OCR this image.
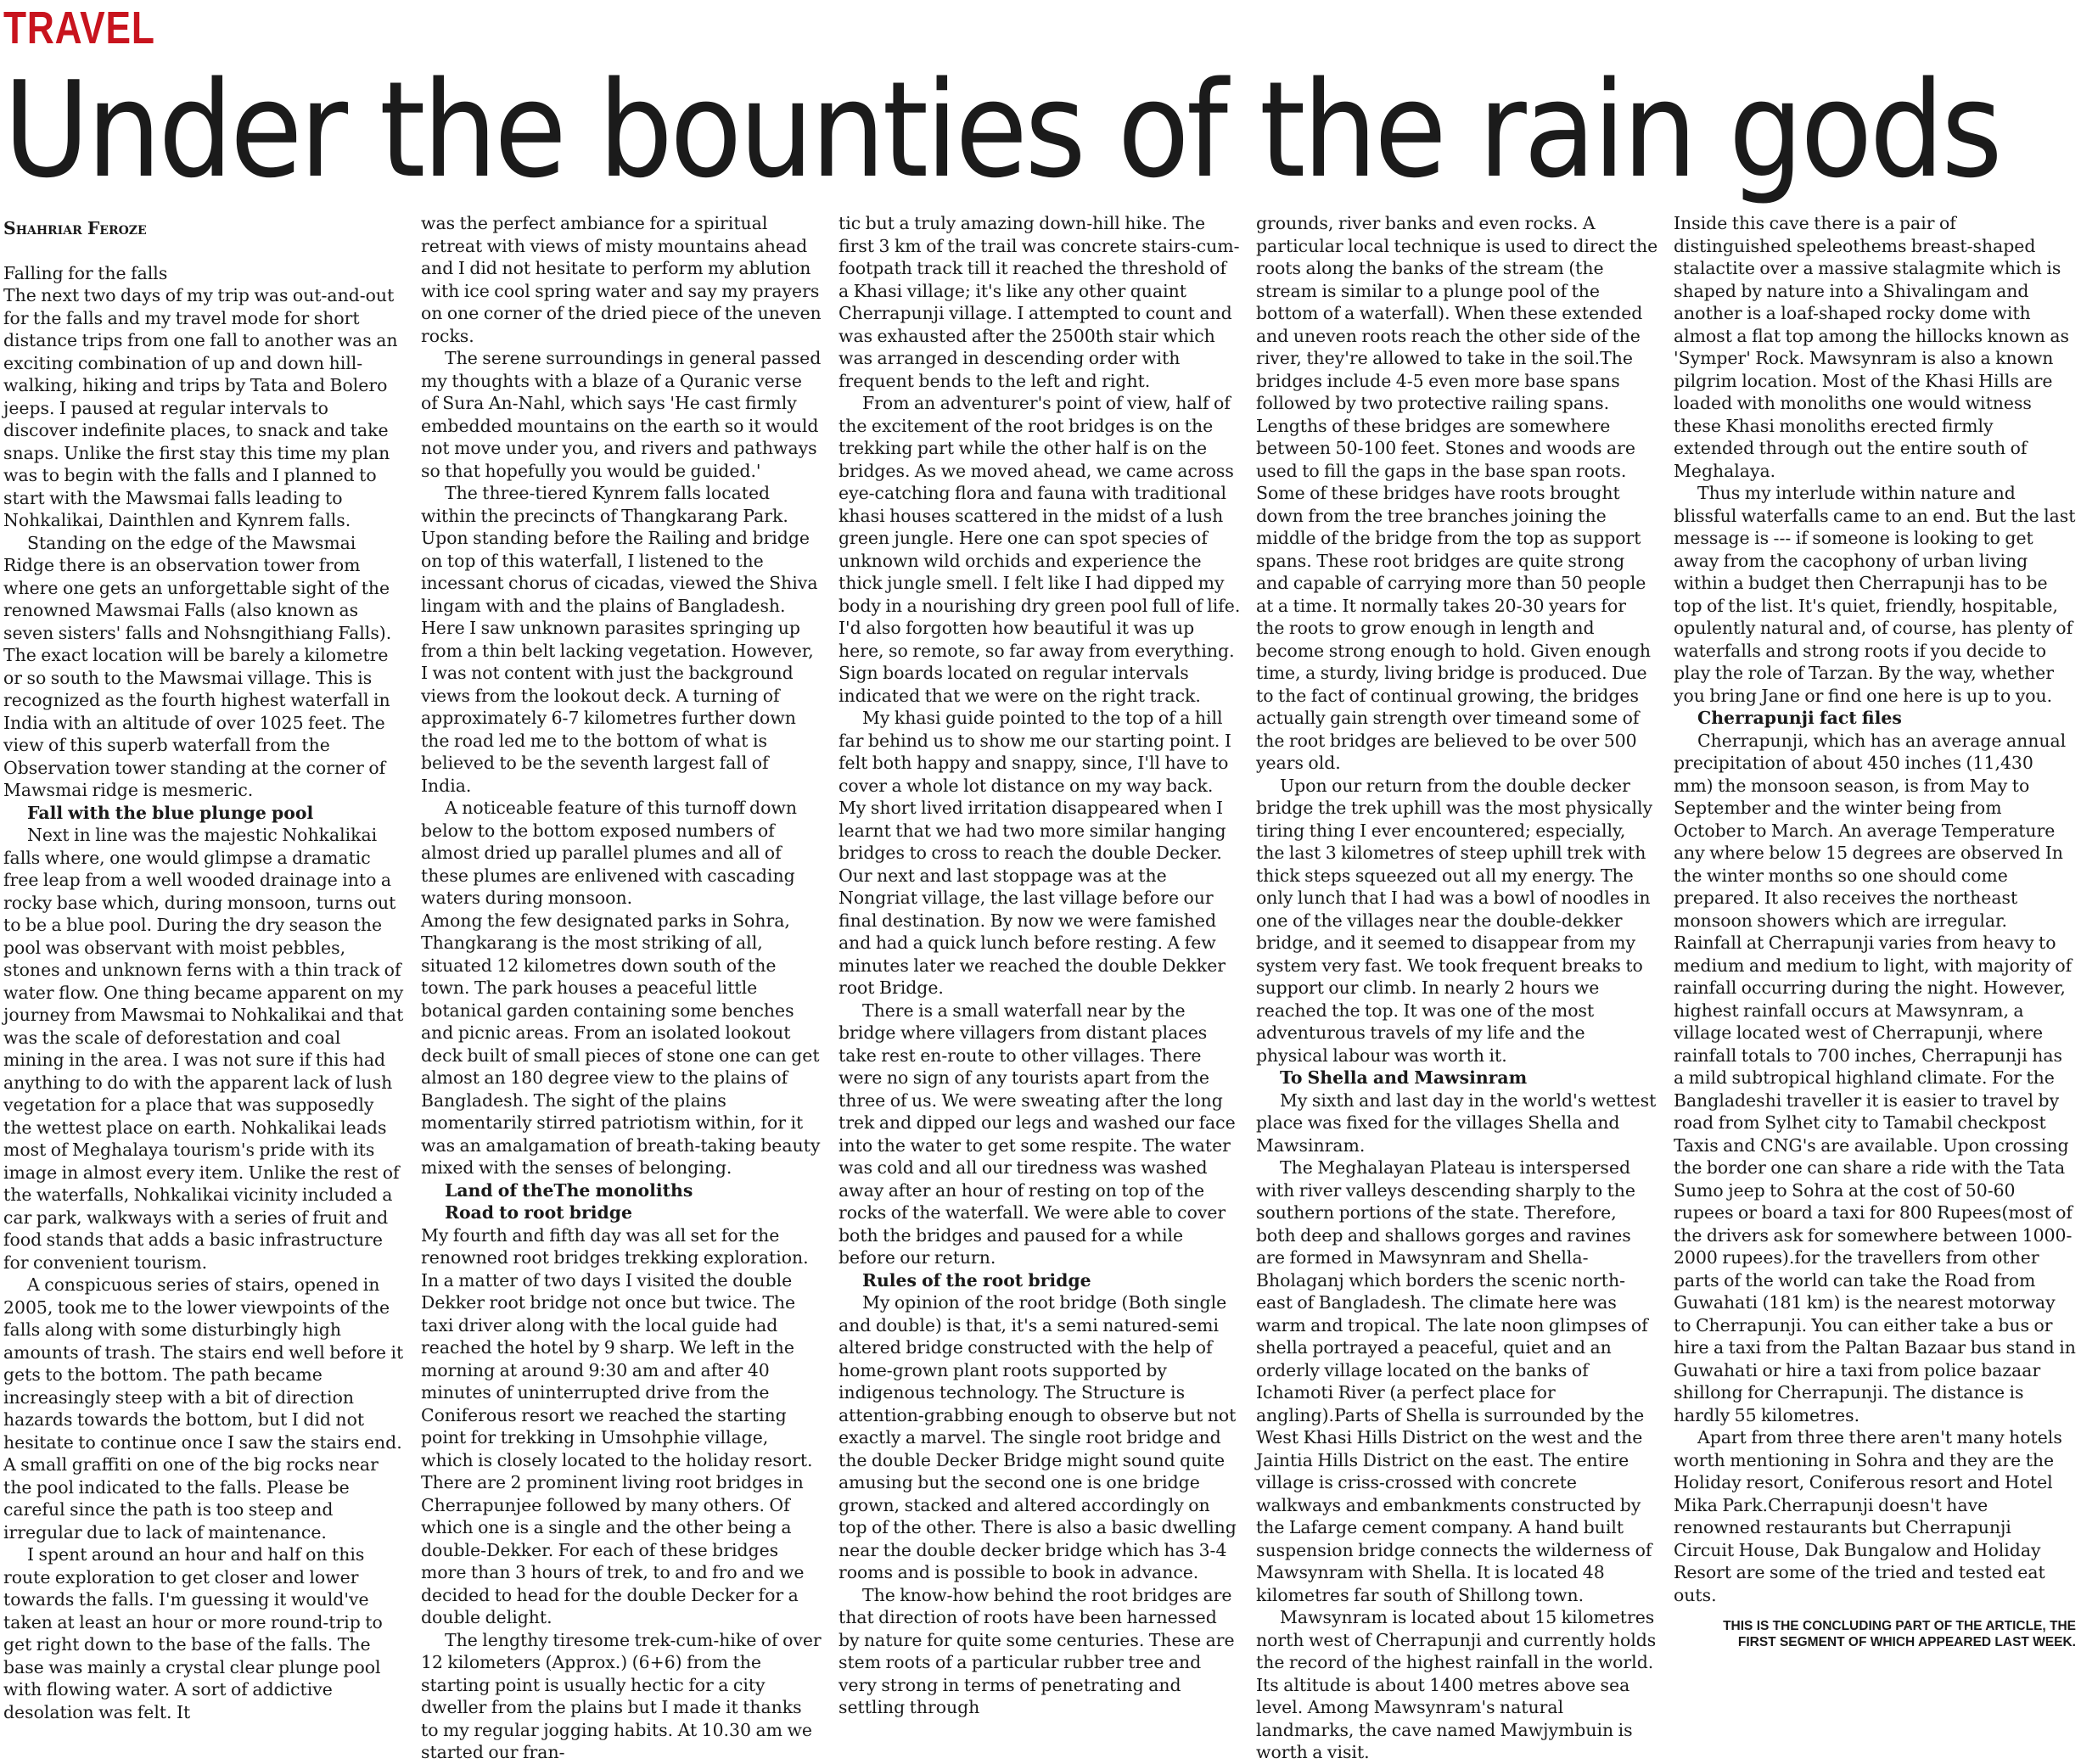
TRAVEL
Under the bounties of the rain gods
Shahriar Feroze
Falling for the falls

The next two days of my trip was out-and-out for the falls and my travel mode for short distance trips from one fall to another was an exciting combination of up and down hill-walking, hiking and trips by Tata and Bolero jeeps. I paused at regular intervals to discover indefinite places, to snack and take snaps. Unlike the first stay this time my plan was to begin with the falls and I planned to start with the Mawsmai falls leading to Nohkalikai, Dainthlen and Kynrem falls.

Standing on the edge of the Mawsmai Ridge there is an observation tower from where one gets an unforgettable sight of the renowned Mawsmai Falls (also known as seven sisters' falls and Nohsngithiang Falls). The exact location will be barely a kilometre or so south to the Mawsmai village. This is recognized as the fourth highest waterfall in India with an altitude of over 1025 feet. The view of this superb waterfall from the Observation tower standing at the corner of Mawsmai ridge is mesmeric.

Fall with the blue plunge pool

Next in line was the majestic Nohkalikai falls where, one would glimpse a dramatic free leap from a well wooded drainage into a rocky base which, during monsoon, turns out to be a blue pool. During the dry season the pool was observant with moist pebbles, stones and unknown ferns with a thin track of water flow. One thing became apparent on my journey from Mawsmai to Nohkalikai and that was the scale of deforestation and coal mining in the area. I was not sure if this had anything to do with the apparent lack of lush vegetation for a place that was supposedly the wettest place on earth. Nohkalikai leads most of Meghalaya tourism's pride with its image in almost every item. Unlike the rest of the waterfalls, Nohkalikai vicinity included a car park, walkways with a series of fruit and food stands that adds a basic infrastructure for convenient tourism.

A conspicuous series of stairs, opened in 2005, took me to the lower viewpoints of the falls along with some disturbingly high amounts of trash. The stairs end well before it gets to the bottom. The path became increasingly steep with a bit of direction hazards towards the bottom, but I did not hesitate to continue once I saw the stairs end. A small graffiti on one of the big rocks near the pool indicated to the falls. Please be careful since the path is too steep and irregular due to lack of maintenance.

I spent around an hour and half on this route exploration to get closer and lower towards the falls. I'm guessing it would've taken at least an hour or more round-trip to get right down to the base of the falls. The base was mainly a crystal clear plunge pool with flowing water. A sort of addictive desolation was felt. It

was the perfect ambiance for a spiritual retreat with views of misty mountains ahead and I did not hesitate to perform my ablution with ice cool spring water and say my prayers on one corner of the dried piece of the uneven rocks.

The serene surroundings in general passed my thoughts with a blaze of a Quranic verse of Sura An-Nahl, which says 'He cast firmly embedded mountains on the earth so it would not move under you, and rivers and pathways so that hopefully you would be guided.'

The three-tiered Kynrem falls located within the precincts of Thangkarang Park. Upon standing before the Railing and bridge on top of this waterfall, I listened to the incessant chorus of cicadas, viewed the Shiva lingam with and the plains of Bangladesh. Here I saw unknown parasites springing up from a thin belt lacking vegetation. However, I was not content with just the background views from the lookout deck. A turning of approximately 6-7 kilometres further down the road led me to the bottom of what is believed to be the seventh largest fall of India.

A noticeable feature of this turnoff down below to the bottom exposed numbers of almost dried up parallel plumes and all of these plumes are enlivened with cascading waters during monsoon.

Among the few designated parks in Sohra, Thangkarang is the most striking of all, situated 12 kilometres down south of the town. The park houses a peaceful little botanical garden containing some benches and picnic areas. From an isolated lookout deck built of small pieces of stone one can get almost an 180 degree view to the plains of Bangladesh. The sight of the plains momentarily stirred patriotism within, for it was an amalgamation of breath-taking beauty mixed with the senses of belonging.

Land of theThe monoliths
Road to root bridge

My fourth and fifth day was all set for the renowned root bridges trekking exploration. In a matter of two days I visited the double Dekker root bridge not once but twice. The taxi driver along with the local guide had reached the hotel by 9 sharp. We left in the morning at around 9:30 am and after 40 minutes of uninterrupted drive from the Coniferous resort we reached the starting point for trekking in Umsohphie village, which is closely located to the holiday resort. There are 2 prominent living root bridges in Cherrapunjee followed by many others. Of which one is a single and the other being a double-Dekker. For each of these bridges more than 3 hours of trek, to and fro and we decided to head for the double Decker for a double delight.

The lengthy tiresome trek-cum-hike of over 12 kilometers (Approx.) (6+6) from the starting point is usually hectic for a city dweller from the plains but I made it thanks to my regular jogging habits. At 10.30 am we started our fran-

tic but a truly amazing down-hill hike. The first 3 km of the trail was concrete stairs-cum- footpath track till it reached the threshold of a Khasi village; it's like any other quaint Cherrapunji village. I attempted to count and was exhausted after the 2500th stair which was arranged in descending order with frequent bends to the left and right.

From an adventurer's point of view, half of the excitement of the root bridges is on the trekking part while the other half is on the bridges. As we moved ahead, we came across eye-catching flora and fauna with traditional khasi houses scattered in the midst of a lush green jungle. Here one can spot species of unknown wild orchids and experience the thick jungle smell. I felt like I had dipped my body in a nourishing dry green pool full of life. I'd also forgotten how beautiful it was up here, so remote, so far away from everything. Sign boards located on regular intervals indicated that we were on the right track.

My khasi guide pointed to the top of a hill far behind us to show me our starting point. I felt both happy and snappy, since, I'll have to cover a whole lot distance on my way back. My short lived irritation disappeared when I learnt that we had two more similar hanging bridges to cross to reach the double Decker. Our next and last stoppage was at the Nongriat village, the last village before our final destination. By now we were famished and had a quick lunch before resting. A few minutes later we reached the double Dekker root Bridge.

There is a small waterfall near by the bridge where villagers from distant places take rest en-route to other villages. There were no sign of any tourists apart from the three of us. We were sweating after the long trek and dipped our legs and washed our face into the water to get some respite. The water was cold and all our tiredness was washed away after an hour of resting on top of the rocks of the waterfall. We were able to cover both the bridges and paused for a while before our return.

Rules of the root bridge

My opinion of the root bridge (Both single and double) is that, it's a semi natured-semi altered bridge constructed with the help of home-grown plant roots supported by indigenous technology. The Structure is attention-grabbing enough to observe but not exactly a marvel. The single root bridge and the double Decker Bridge might sound quite amusing but the second one is one bridge grown, stacked and altered accordingly on top of the other. There is also a basic dwelling near the double decker bridge which has 3-4 rooms and is possible to book in advance.

The know-how behind the root bridges are that direction of roots have been harnessed by nature for quite some centuries. These are stem roots of a particular rubber tree and very strong in terms of penetrating and settling through

grounds, river banks and even rocks. A particular local technique is used to direct the roots along the banks of the stream (the stream is similar to a plunge pool of the bottom of a waterfall). When these extended and uneven roots reach the other side of the river, they're allowed to take in the soil.The bridges include 4-5 even more base spans followed by two protective railing spans. Lengths of these bridges are somewhere between 50-100 feet. Stones and woods are used to fill the gaps in the base span roots. Some of these bridges have roots brought down from the tree branches joining the middle of the bridge from the top as support spans. These root bridges are quite strong and capable of carrying more than 50 people at a time. It normally takes 20-30 years for the roots to grow enough in length and become strong enough to hold. Given enough time, a sturdy, living bridge is produced. Due to the fact of continual growing, the bridges actually gain strength over timeand some of the root bridges are believed to be over 500 years old.

Upon our return from the double decker bridge the trek uphill was the most physically tiring thing I ever encountered; especially, the last 3 kilometres of steep uphill trek with thick steps squeezed out all my energy. The only lunch that I had was a bowl of noodles in one of the villages near the double-dekker bridge, and it seemed to disappear from my system very fast. We took frequent breaks to support our climb. In nearly 2 hours we reached the top. It was one of the most adventurous travels of my life and the physical labour was worth it.

To Shella and Mawsinram

My sixth and last day in the world's wettest place was fixed for the villages Shella and Mawsinram.

The Meghalayan Plateau is interspersed with river valleys descending sharply to the southern portions of the state. Therefore, both deep and shallows gorges and ravines are formed in Mawsynram and Shella-Bholaganj which borders the scenic north-east of Bangladesh. The climate here was warm and tropical. The late noon glimpses of shella portrayed a peaceful, quiet and an orderly village located on the banks of Ichamoti River (a perfect place for angling).Parts of Shella is surrounded by the West Khasi Hills District on the west and the Jaintia Hills District on the east. The entire village is criss-crossed with concrete walkways and embankments constructed by the Lafarge cement company. A hand built suspension bridge connects the wilderness of Mawsynram with Shella. It is located 48 kilometres far south of Shillong town.

Mawsynram is located about 15 kilometres north west of Cherrapunji and currently holds the record of the highest rainfall in the world. Its altitude is about 1400 metres above sea level. Among Mawsynram's natural landmarks, the cave named Mawjymbuin is worth a visit.

Inside this cave there is a pair of distinguished speleothems breast-shaped stalactite over a massive stalagmite which is shaped by nature into a Shivalingam and another is a loaf-shaped rocky dome with almost a flat top among the hillocks known as 'Symper' Rock. Mawsynram is also a known pilgrim location. Most of the Khasi Hills are loaded with monoliths one would witness these Khasi monoliths erected firmly extended through out the entire south of Meghalaya.

Thus my interlude within nature and blissful waterfalls came to an end. But the last message is --- if someone is looking to get away from the cacophony of urban living within a budget then Cherrapunji has to be top of the list. It's quiet, friendly, hospitable, opulently natural and, of course, has plenty of waterfalls and strong roots if you decide to play the role of Tarzan. By the way, whether you bring Jane or find one here is up to you.

Cherrapunji fact files

Cherrapunji, which has an average annual precipitation of about 450 inches (11,430 mm) the monsoon season, is from May to September and the winter being from October to March. An average Temperature any where below 15 degrees are observed In the winter months so one should come prepared. It also receives the northeast monsoon showers which are irregular. Rainfall at Cherrapunji varies from heavy to medium and medium to light, with majority of rainfall occurring during the night. However, highest rainfall occurs at Mawsynram, a village located west of Cherrapunji, where rainfall totals to 700 inches, Cherrapunji has a mild subtropical highland climate. For the Bangladeshi traveller it is easier to travel by road from Sylhet city to Tamabil checkpost Taxis and CNG's are available. Upon crossing the border one can share a ride with the Tata Sumo jeep to Sohra at the cost of 50-60 rupees or board a taxi for 800 Rupees(most of the drivers ask for somewhere between 1000-2000 rupees).for the travellers from other parts of the world can take the Road from Guwahati (181 km) is the nearest motorway to Cherrapunji. You can either take a bus or hire a taxi from the Paltan Bazaar bus stand in Guwahati or hire a taxi from police bazaar shillong for Cherrapunji. The distance is hardly 55 kilometres.

Apart from three there aren't many hotels worth mentioning in Sohra and they are the Holiday resort, Coniferous resort and Hotel Mika Park.Cherrapunji doesn't have renowned restaurants but Cherrapunji Circuit House, Dak Bungalow and Holiday Resort are some of the tried and tested eat outs.

THIS IS THE CONCLUDING PART OF THE ARTICLE, THE FIRST SEGMENT OF WHICH APPEARED LAST WEEK.
